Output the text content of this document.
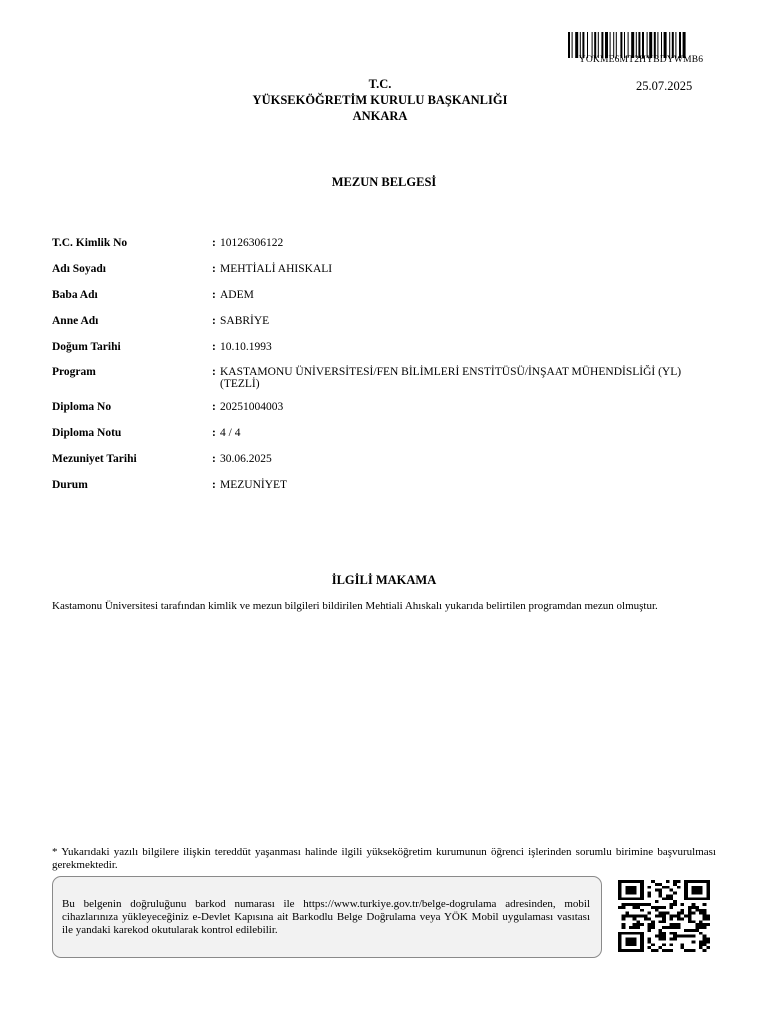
YOKME6MT2HYBDYWMB6
25.07.2025
T.C.
YÜKSEKÖĞRETİM KURULU BAŞKANLIĞI
ANKARA
MEZUN BELGESİ
T.C. Kimlik No	: 10126306122
Adı Soyadı	: MEHTİALİ AHISKALI
Baba Adı	: ADEM
Anne Adı	: SABRİYE
Doğum Tarihi	: 10.10.1993
Program	: KASTAMONU ÜNİVERSİTESİ/FEN BİLİMLERİ ENSTİTÜSÜ/İNŞAAT MÜHENDİSLİĞİ (YL) (TEZLİ)
Diploma No	: 20251004003
Diploma Notu	: 4 / 4
Mezuniyet Tarihi	: 30.06.2025
Durum	: MEZUNİYET
İLGİLİ MAKAMA
Kastamonu Üniversitesi tarafından kimlik ve mezun bilgileri bildirilen Mehtiali Ahıskalı yukarıda belirtilen programdan mezun olmuştur.
* Yukarıdaki yazılı bilgilere ilişkin tereddüt yaşanması halinde ilgili yükseköğretim kurumunun öğrenci işlerinden sorumlu birimine başvurulması gerekmektedir.
Bu belgenin doğruluğunu barkod numarası ile https://www.turkiye.gov.tr/belge-dogrulama adresinden, mobil cihazlarınıza yükleyeceğiniz e-Devlet Kapısına ait Barkodlu Belge Doğrulama veya YÖK Mobil uygulaması vasıtası ile yandaki karekod okutularak kontrol edilebilir.
